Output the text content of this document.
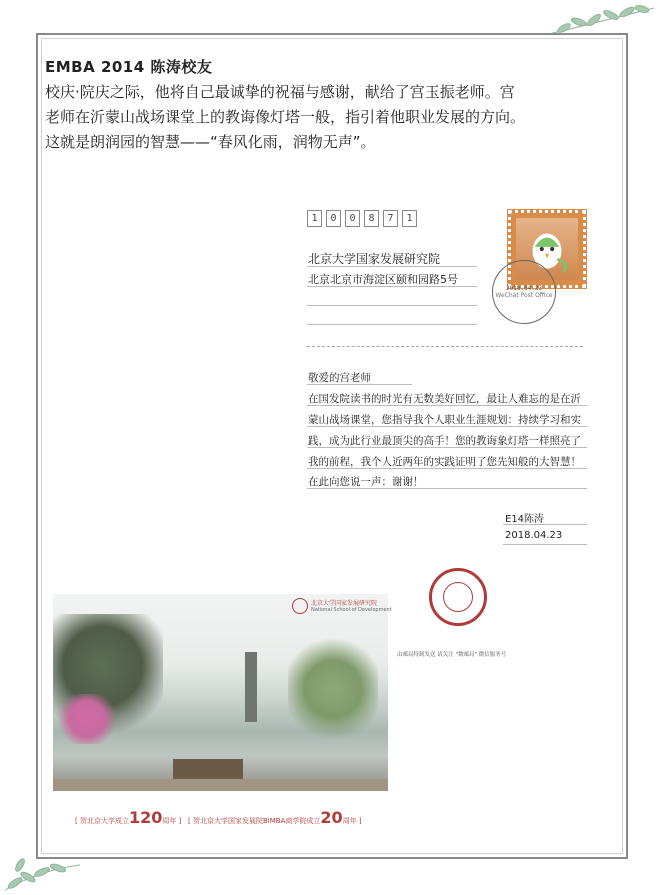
EMBA 2014 陈涛校友
校庆·院庆之际，他将自己最诚挚的祝福与感谢，献给了宫玉振老师。宫
老师在沂蒙山战场课堂上的教诲像灯塔一般，指引着他职业发展的方向。
这就是朗润园的智慧——“春风化雨，润物无声”。
1	0	0	8	7	1
2018.04.23
WeChat Post Office
北京大学国家发展研究院
北京北京市海淀区颐和园路5号
敬爱的宫老师
在国发院读书的时光有无数美好回忆，最让人难忘的是在沂
蒙山战场课堂，您指导我个人职业生涯规划：持续学习和实
践，成为此行业最顶尖的高手！您的教诲象灯塔一样照亮了
我的前程，我个人近两年的实践证明了您先知般的大智慧！
在此向您说一声：谢谢！
E14陈涛
2018.04.23
由邮局特制发送 请关注 "微邮局" 微信服务号
北京大学国家发展研究院
National School of Development
[ 贺北京大学成立120周年 ] [ 贺北京大学国家发展院BiMBA商学院成立20周年 ]
